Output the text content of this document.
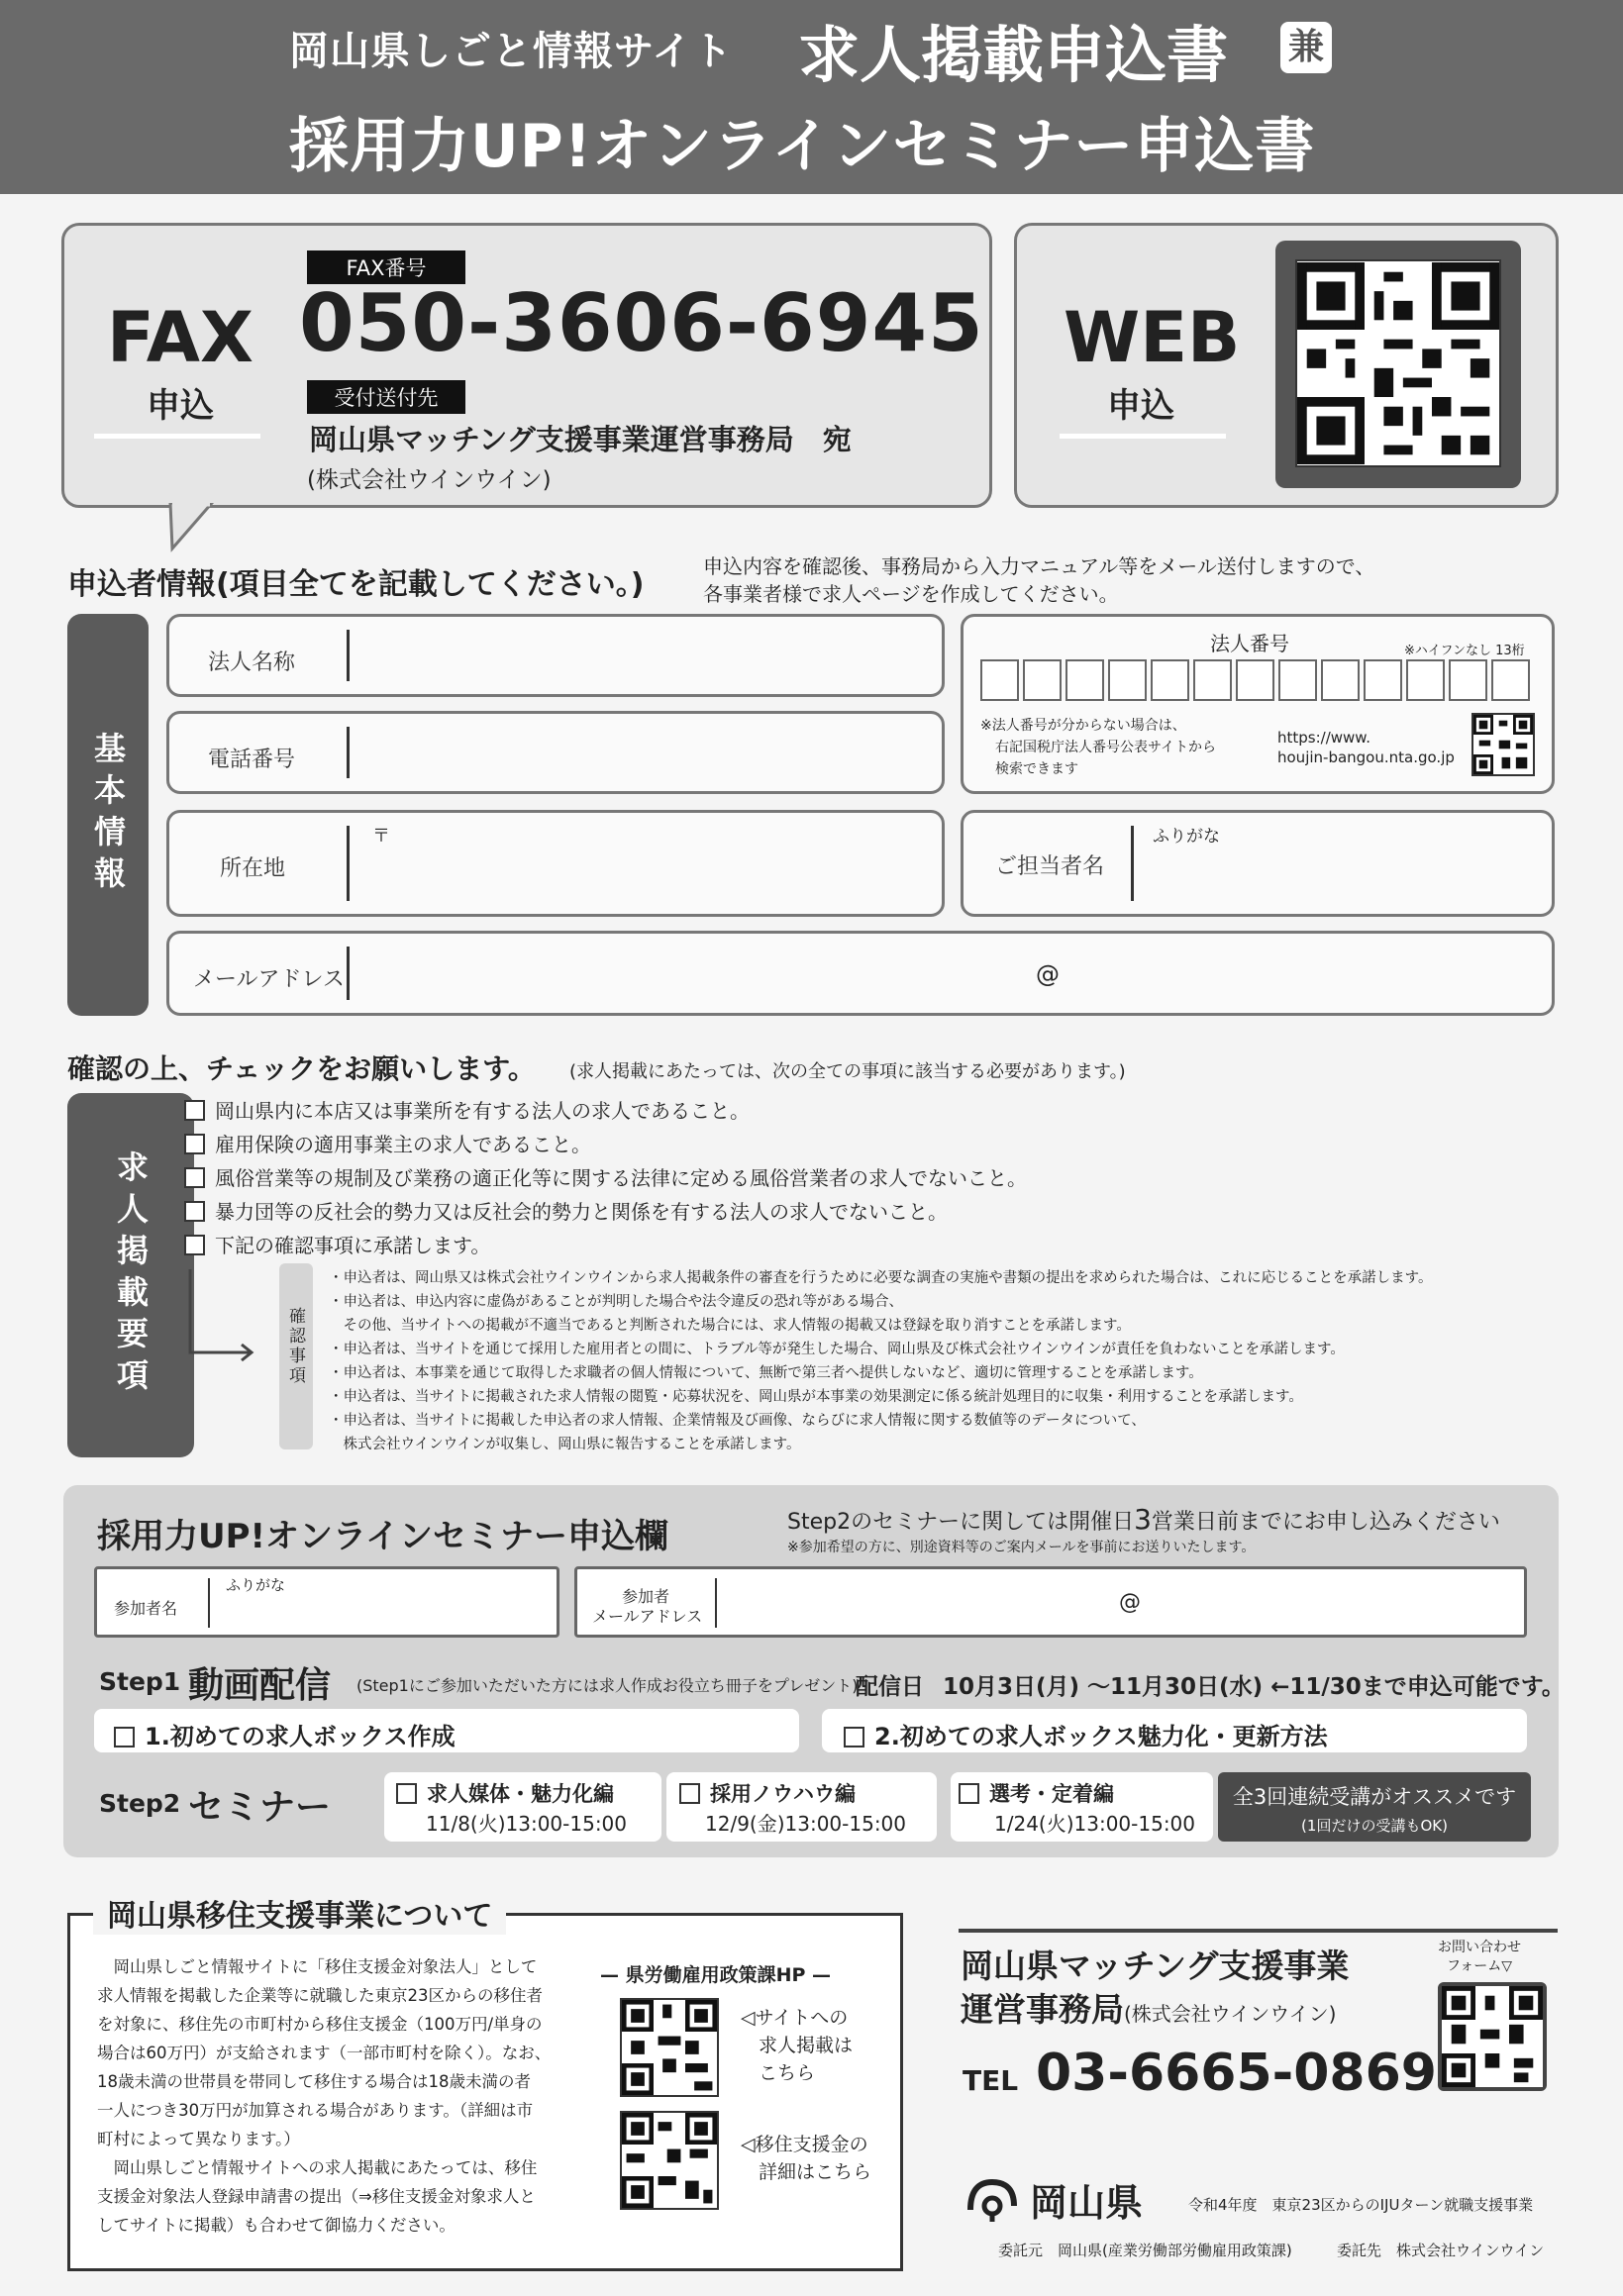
岡山県しごと情報サイト 求人掲載申込書 兼
採用力UP!オンラインセミナー申込書
FAX
申込
FAX番号
050-3606-6945
受付送付先
岡山県マッチング支援事業運営事務局　宛
(株式会社ウインウイン)
WEB
申込
申込者情報(項目全てを記載してください。)
申込内容を確認後、事務局から入力マニュアル等をメール送付しますので、
各事業者様で求人ページを作成してください。
基本情報
法人名称
電話番号
所在地
〒
メールアドレス	@
法人番号	※ハイフンなし 13桁
※法人番号が分からない場合は、
右記国税庁法人番号公表サイトから
検索できます
https://www.
houjin-bangou.nta.go.jp
ご担当者名
ふりがな
確認の上、チェックをお願いします。 (求人掲載にあたっては、次の全ての事項に該当する必要があります。)
求人掲載要項
岡山県内に本店又は事業所を有する法人の求人であること。
雇用保険の適用事業主の求人であること。
風俗営業等の規制及び業務の適正化等に関する法律に定める風俗営業者の求人でないこと。
暴力団等の反社会的勢力又は反社会的勢力と関係を有する法人の求人でないこと。
下記の確認事項に承諾します。
確認事項
・申込者は、岡山県又は株式会社ウインウインから求人掲載条件の審査を行うために必要な調査の実施や書類の提出を求められた場合は、これに応じることを承諾します。
・申込者は、申込内容に虚偽があることが判明した場合や法令違反の恐れ等がある場合、
　その他、当サイトへの掲載が不適当であると判断された場合には、求人情報の掲載又は登録を取り消すことを承諾します。
・申込者は、当サイトを通じて採用した雇用者との間に、トラブル等が発生した場合、岡山県及び株式会社ウインウインが責任を負わないことを承諾します。
・申込者は、本事業を通じて取得した求職者の個人情報について、無断で第三者へ提供しないなど、適切に管理することを承諾します。
・申込者は、当サイトに掲載された求人情報の閲覧・応募状況を、岡山県が本事業の効果測定に係る統計処理目的に収集・利用することを承諾します。
・申込者は、当サイトに掲載した申込者の求人情報、企業情報及び画像、ならびに求人情報に関する数値等のデータについて、
　株式会社ウインウインが収集し、岡山県に報告することを承諾します。
採用力UP!オンラインセミナー申込欄	Step2のセミナーに関しては開催日3営業日前までにお申し込みください
※参加希望の方に、別途資料等のご案内メールを事前にお送りいたします。
参加者名
ふりがな
参加者
メールアドレス
@
Step1 動画配信 (Step1にご参加いただいた方には求人作成お役立ち冊子をプレゼント)
配信日 10月3日(月) ～11月30日(水) ←11/30まで申込可能です。
1.初めての求人ボックス作成	2.初めての求人ボックス魅力化・更新方法
Step2 セミナー	求人媒体・魅力化編
11/8(火)13:00-15:00
採用ノウハウ編
12/9(金)13:00-15:00
選考・定着編
1/24(火)13:00-15:00
全3回連続受講がオススメです
(1回だけの受講もOK)
岡山県移住支援事業について
　岡山県しごと情報サイトに「移住支援金対象法人」として
求人情報を掲載した企業等に就職した東京23区からの移住者
を対象に、移住先の市町村から移住支援金（100万円/単身の
場合は60万円）が支給されます（一部市町村を除く）。なお、
18歳未満の世帯員を帯同して移住する場合は18歳未満の者
一人につき30万円が加算される場合があります。（詳細は市
町村によって異なります。）
　岡山県しごと情報サイトへの求人掲載にあたっては、移住
支援金対象法人登録申請書の提出（⇒移住支援金対象求人と
してサイトに掲載）も合わせて御協力ください。
— 県労働雇用政策課HP —
◁サイトへの
求人掲載は
こちら
◁移住支援金の
詳細はこちら
岡山県マッチング支援事業
運営事務局(株式会社ウインウイン)
お問い合わせ
フォーム▽
TEL 03-6665-0869
岡山県	令和4年度　東京23区からのIJUターン就職支援事業
委託元　岡山県(産業労働部労働雇用政策課)	委託先　株式会社ウインウイン
